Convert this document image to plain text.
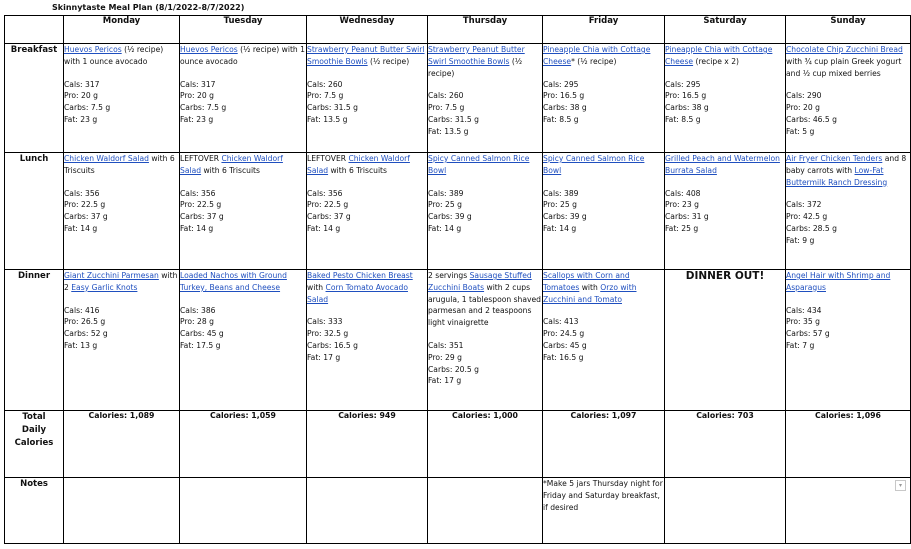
Skinnytaste Meal Plan (8/1/2022-8/7/2022)
	Monday	Tuesday	Wednesday	Thursday	Friday	Saturday	Sunday
Breakfast	Huevos Pericos (½ recipe) with 1 ounce avocado
Cals: 317
Pro: 20 g
Carbs: 7.5 g
Fat: 23 g	Huevos Pericos (½ recipe) with 1 ounce avocado
Cals: 317
Pro: 20 g
Carbs: 7.5 g
Fat: 23 g	Strawberry Peanut Butter Swirl Smoothie Bowls (½ recipe)
Cals: 260
Pro: 7.5 g
Carbs: 31.5 g
Fat: 13.5 g	Strawberry Peanut Butter Swirl Smoothie Bowls (½ recipe)
Cals: 260
Pro: 7.5 g
Carbs: 31.5 g
Fat: 13.5 g	Pineapple Chia with Cottage Cheese* (½ recipe)
Cals: 295
Pro: 16.5 g
Carbs: 38 g
Fat: 8.5 g	Pineapple Chia with Cottage Cheese (recipe x 2)
Cals: 295
Pro: 16.5 g
Carbs: 38 g
Fat: 8.5 g	Chocolate Chip Zucchini Bread with ¾ cup plain Greek yogurt and ½ cup mixed berries
Cals: 290
Pro: 20 g
Carbs: 46.5 g
Fat: 5 g

Lunch	Chicken Waldorf Salad with 6 Triscuits
Cals: 356
Pro: 22.5 g
Carbs: 37 g
Fat: 14 g	LEFTOVER Chicken Waldorf Salad with 6 Triscuits
Cals: 356
Pro: 22.5 g
Carbs: 37 g
Fat: 14 g	LEFTOVER Chicken Waldorf Salad with 6 Triscuits
Cals: 356
Pro: 22.5 g
Carbs: 37 g
Fat: 14 g	Spicy Canned Salmon Rice Bowl
Cals: 389
Pro: 25 g
Carbs: 39 g
Fat: 14 g	Spicy Canned Salmon Rice Bowl
Cals: 389
Pro: 25 g
Carbs: 39 g
Fat: 14 g	Grilled Peach and Watermelon Burrata Salad
Cals: 408
Pro: 23 g
Carbs: 31 g
Fat: 25 g	Air Fryer Chicken Tenders and 8 baby carrots with Low-Fat Buttermilk Ranch Dressing
Cals: 372
Pro: 42.5 g
Carbs: 28.5 g
Fat: 9 g

Dinner	Giant Zucchini Parmesan with 2 Easy Garlic Knots
Cals: 416
Pro: 26.5 g
Carbs: 52 g
Fat: 13 g	Loaded Nachos with Ground Turkey, Beans and Cheese
Cals: 386
Pro: 28 g
Carbs: 45 g
Fat: 17.5 g	Baked Pesto Chicken Breast with Corn Tomato Avocado Salad
Cals: 333
Pro: 32.5 g
Carbs: 16.5 g
Fat: 17 g	2 servings Sausage Stuffed Zucchini Boats with 2 cups arugula, 1 tablespoon shaved parmesan and 2 teaspoons light vinaigrette
Cals: 351
Pro: 29 g
Carbs: 20.5 g
Fat: 17 g	Scallops with Corn and Tomatoes with Orzo with Zucchini and Tomato
Cals: 413
Pro: 24.5 g
Carbs: 45 g
Fat: 16.5 g	DINNER OUT!	Angel Hair with Shrimp and Asparagus
Cals: 434
Pro: 35 g
Carbs: 57 g
Fat: 7 g

Total
Daily
Calories	Calories: 1,089	Calories: 1,059	Calories: 949	Calories: 1,000	Calories: 1,097	Calories: 703	Calories: 1,096
Notes					*Make 5 jars Thursday night for Friday and Saturday breakfast, if desired		▾
